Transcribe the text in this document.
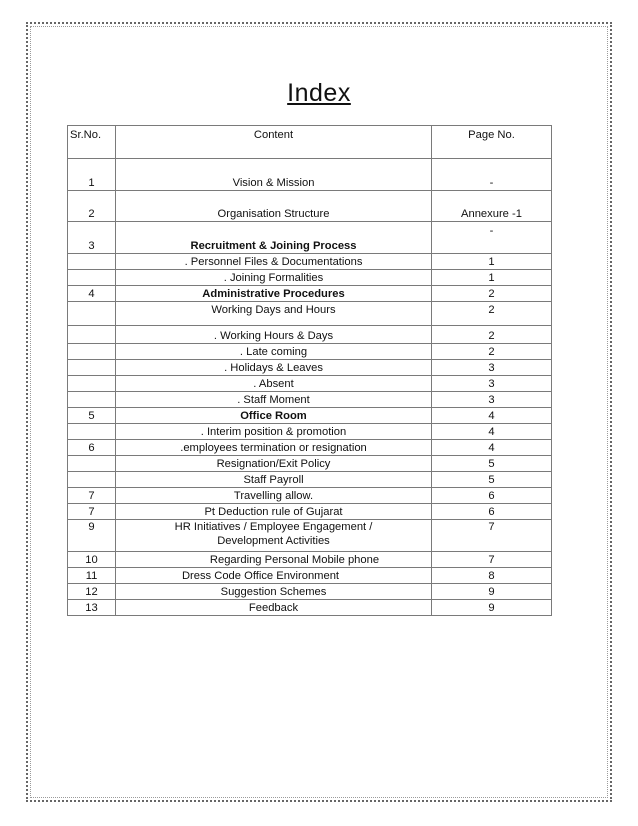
Index
Sr.No.	Content	Page No.
1	Vision & Mission	-
2	Organisation Structure	Annexure -1
3	Recruitment & Joining Process	-
	. Personnel Files & Documentations	1
	. Joining Formalities	1
4	Administrative Procedures	2
	Working Days and Hours	2
	. Working Hours & Days	2
	. Late coming	2
	. Holidays & Leaves	3
	. Absent	3
	. Staff Moment	3
5	Office Room	4
	. Interim position & promotion	4
6	.employees termination or resignation	4
	Resignation/Exit Policy	5
	Staff Payroll	5
7	Travelling allow.	6
7	Pt Deduction rule of Gujarat	6
9	HR Initiatives / Employee Engagement /
Development Activities	7
10	Regarding Personal Mobile phone	7
11	Dress Code Office Environment	8
12	Suggestion Schemes	9
13	Feedback	9
